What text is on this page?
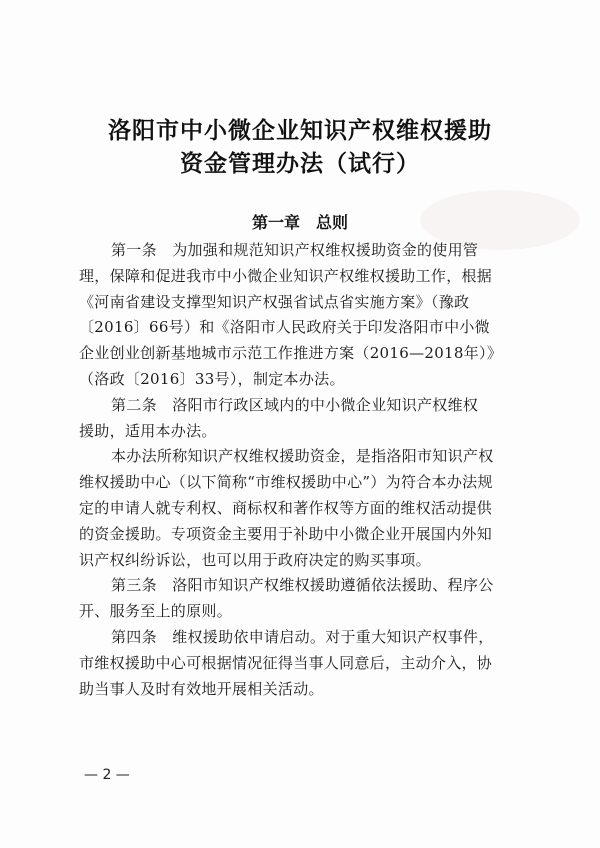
洛阳市中小微企业知识产权维权援助
资金管理办法（试行）
第一章　总则
第一条　为加强和规范知识产权维权援助资金的使用管
理，保障和促进我市中小微企业知识产权维权援助工作，根据
《河南省建设支撑型知识产权强省试点省实施方案》（豫政
〔2016〕66号）和《洛阳市人民政府关于印发洛阳市中小微
企业创业创新基地城市示范工作推进方案（2016—2018年）》
（洛政〔2016〕33号），制定本办法。
第二条　洛阳市行政区域内的中小微企业知识产权维权
援助，适用本办法。
本办法所称知识产权维权援助资金，是指洛阳市知识产权
维权援助中心（以下简称“市维权援助中心”）为符合本办法规
定的申请人就专利权、商标权和著作权等方面的维权活动提供
的资金援助。专项资金主要用于补助中小微企业开展国内外知
识产权纠纷诉讼，也可以用于政府决定的购买事项。
第三条　洛阳市知识产权维权援助遵循依法援助、程序公
开、服务至上的原则。
第四条　维权援助依申请启动。对于重大知识产权事件，
市维权援助中心可根据情况征得当事人同意后，主动介入，协
助当事人及时有效地开展相关活动。
— 2 —
